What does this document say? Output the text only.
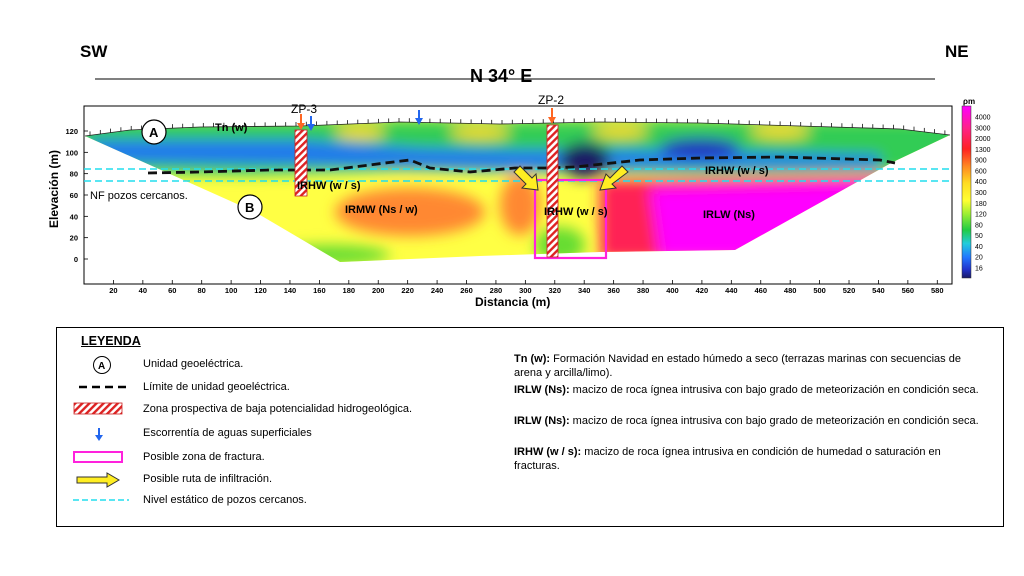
SW	NE
N 34° E
20	40	60	80	100 120 140 160 180 200 220 240 260 280 300 320 340 360 380 400 420 440 460 480 500 520 540 560 580
0
20
40
60
80
100
120
Distancia (m)
Elevación (m)
ZP-3
ZP-2
A
B
Tn (w)
IRHW (w / s)
IRMW (Ns / w)	IRHW (w / s)
IRHW (w / s)
IRLW (Ns)
NF pozos cercanos.
ρm
4000
3000
2000
1300
900
600
400
300
180
120
80
50
40
20
16
LEYENDA
A	Unidad geoeléctrica.
Límite de unidad geoeléctrica.
Zona prospectiva de baja potencialidad hidrogeológica.
Escorrentía de aguas superficiales
Posible zona de fractura.
Posible ruta de infiltración.
Nivel estático de pozos cercanos.
Tn (w): Formación Navidad en estado húmedo a seco (terrazas marinas con secuencias de arena y arcilla/limo).
IRLW (Ns): macizo de roca ígnea intrusiva con bajo grado de meteorización en condición seca.
IRLW (Ns): macizo de roca ígnea intrusiva con bajo grado de meteorización en condición seca.
IRHW (w / s): macizo de roca ígnea intrusiva en condición de humedad o saturación en fracturas.
